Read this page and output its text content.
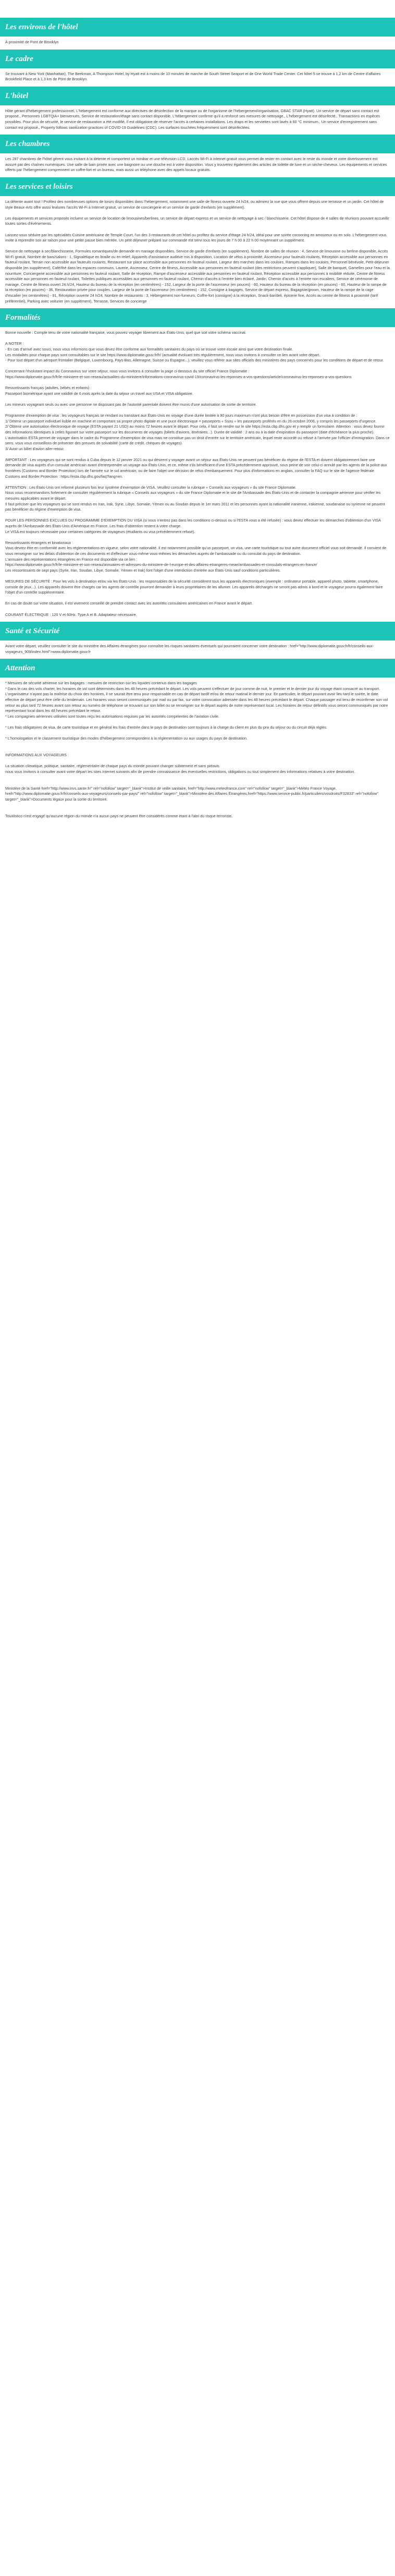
Les environs de l'hôtel
À proximité de Pont de Brooklyn
Le cadre
Se trouvant à New York (Manhattan), The Beekman, A Thompson Hotel, by Hyatt est à moins de 10 minutes de marche de South Street Seaport et de One World Trade Center. Cet hôtel 5 se trouve à 1,2 km de Centre d'affaires Brookfield Place et à 1,3 km de Pont de Brooklyn.
L'hôtel
Hôte gérant d'hébergement professionnel, L'hébergement est conforme aux directives de désinfection de la marque ou de l'organisme de l'hébergement/organisation, GBAC STAR (Hyatt). Un service de départ sans contact est proposé., Personnes LGBTQIA+ bienvenues, Service de restauration/étage sans contact disponible, L'hébergement confirme qu'il a renforcé ses mesures de nettoyage., L'hébergement est désinfecté., Transactions en espèces possibles. Pour plus de sécurité, le service de restauration a été modifié, il est obligatoire de réserver l'accès à certaines installations. Les draps et les serviettes sont lavés à 60 °C minimum., Un service d'enregistrement sans contact est proposé., Property follows sanitization practices of COVID-19 Guidelines (CDC). Les surfaces touchées fréquemment sont désinfectées.
Les chambres
Les 287 chambres de l'hôtel gèrent vous invitant à la détente et comportent un minibar et une télévision LCD. Laccès Wi-Fi à internet gratuit vous permet de rester en contact avec le reste du monde et votre divertissement est assuré par des chaînes numériques. Une salle de bain privée avec une baignoire ou une douche est à votre disposition. Vous y trouverez également des articles de toilette de luxe et un sèche-cheveux. Les équipements et services offerts par l'hébergement comprennent un coffre-fort et un bureau, mais aussi un téléphone avec des appels locaux gratuits.
Les services et loisirs
La détente avant tout ! Profitez des nombreuses options de loisirs disponibles dans l'hébergement, notamment une salle de fitness ouverte 24 h/24, ou admirez la vue que vous offrent depuis une terrasse et un jardin. Cet hôtel de style Beaux-Arts offre aussi features l'accès Wi-Fi à Internet gratuit, un service de conciergerie et un service de garde d'enfants (en supplément).

Les équipements et services proposés incluent un service de location de limousines/berlines, un service de départ express et un service de nettoyage à sec / blanchisserie. Cet hôtel dispose de 4 salles de réunions pouvant accueillir toutes sortes d'événements.

Laissez-vous séduire par les spécialités Cuisine américaine de Temple Court, l'un des 3 restaurants de cet hôtel ou profitez du service d'étage 24 h/24, idéal pour une soirée cocooning en amoureux ou en solo. L'hébergement vous invite à reprendre son air raison pour une petite pause bien méritée. Un petit déjeuner préparé sur commande est servi tous les jours de 7 h 00 à 22 h 00 moyennant un supplément.

Service de nettoyage à sec/blanchisserie, Formules romantiques/de demande en mariage disponibles, Service de garde d'enfants (en supplément). Nombre de salles de réunion : 4, Service de limousine ou berline disponible, Accès Wi-Fi gratuit, Nombre de bars/salons : 1, Signalétique en braille ou en relief, Appareils d'assistance auditive mis à disposition, Location de vélos à proximité, Ascenseur pour fauteuils roulants, Réception accessible aux personnes en fauteuil roulant, Terrain non accessible aux fauteuils roulants, Restaurant sur place accessible aux personnes en fauteuil roulant, Largeur des marches dans les couloirs, Rampes dans les couloirs, Personnel bénévole, Petit-déjeuner disponible (en supplément), Café/thé dans les espaces communs, Laverie, Ascenseur, Centre de fitness, Accessible aux personnes en fauteuil roulant (des restrictions peuvent s'appliquer), Salle de banquet, Gamelles pour l'eau et la nourriture, Conciergerie accessible aux personnes en fauteuil roulant, Salle de réception, Rampe d'ascenseur accessible aux personnes en fauteuil roulant, Réception accessible aux personnes à mobilité réduite, Centre de fitness accessible aux personnes en fauteuil roulant, Toilettes publiques accessibles aux personnes en fauteuil roulant, Chemin d'accès à l'entrée bien éclairé, Jardin, Chemin d'accès à l'entrée non escaliers, Service de cérémonie de mariage, Centre de fitness ouvert 24 h/24, Hauteur du bureau de la réception (en centimètres) - 152, Largeur de la porte de l'ascenseur (en pouces) - 60, Hauteur du bureau de la réception (en pouces) - 60, Hauteur de la rampe de la réception (en pouces) - 36, Restauration privée pour couples, Largeur de la porte de l'ascenseur (en centimètres) - 152, Consigne à bagages, Service de départ express, Bagagiste/groom, Hauteur de la rampe de la cage d'escalier (en centimètres) - 91, Réception ouverte 24 h/24, Nombre de restaurants : 3, Hébergement non-fumeurs, Coffre-fort (consigne) à la réception, Snack-bar/deli, épicerie fine, Accès au centre de fitness à proximité (tarif préférentiel), Parking avec voiturier (en supplément), Terrasse, Services de concierge
Formalités
Bonne nouvelle : Compte tenu de votre nationalité française, vous pouvez voyager librement aux États-Unis, quel que soit votre schéma vaccinal.

A NOTER :
- En cas d'arrivé avec souci, nous vous informons que vous devez être conforme aux formalités sanitaires du pays où se trouve votre escale ainsi que votre destination finale.
Les modalités pour chaque pays sont consultables sur le site https://www.diplomatie.gouv.fr/fr/ (actualité évoluant très régulièrement, nous vous invitons à consulter ce lien avant votre départ.
- Pour tout départ d'un aéroport frontalier (Belgique, Luxembourg, Pays-Bas, Allemagne, Suisse ou Espagne...), veuillez vous référer aux sites officiels des ministères des pays concernés pour les conditions de départ et de retour.

Concernant l'évolutant impact du Coronavirus sur votre séjour, nous vous invitons à consulter la page ci-dessous du site officiel France Diplomatie :
https://www.diplomatie.gouv.fr/fr/le-ministere-et-son-reseau/actualites-du-ministere/informations-coronavirus-covid-19/coronavirus-les-reponses-a-vos-questions/article/coronavirus-les-reponses-a-vos-questions

Ressortissants français (adultes, bébés et enfants) :
Passeport biométrique ayant une validité de 6 mois après la date du séjour un travel aux USA et VISA obligatoire.

Les mineurs voyageant seuls ou avec une personne ne disposant pas de l'autorité parentale doivent être munis d'une autorisation de sortie de territoire.

Programme d'exemption de visa : les voyageurs français se rendant ou transitant aux États-Unis en voyage d'une durée limitée à 90 jours maximum n'ont plus besoin d'être en possession d'un visa à condition de :
1/ Détenir un passeport individuel lisible en machine et comportant sa propre photo digitale et une puce électronique = passeports « Ssou » les passeports proférés en du 26 octobre 2006, y compris les passeports d'urgence.
2/ Obtenir une autorisation électronique de voyage (ESTA payant 21 USD) au moins 72 heures avant le départ. Pour cela, il faut se rendre sur le site https://esta.cbp.dhs.gov et y remplir un formulaire. Attention : vous devez fournir des informations identiques à celles figurant sur votre passeport sur les documents de voyages (billets d'avions, itinéraires...). Durée de validité : 2 ans ou à la date d'expiration du passeport (date d'échéance la plus proche).
L'autorisation ESTA permet de voyager dans le cadre du Programme d'exemption de visa mais ne constitue pas un droit d'entrée sur le territoire américain, lequel reste accordé ou refusé à l'arrivée par l'officier d'immigration. Dans ce sens, vous vous conseillons de présenter des preuves de solvabilité (carte de crédit, chèques de voyages).
3/ Avoir un billet d'avion aller-retour.

IMPORTANT : Les voyageurs qui se sont rendus à Cuba depuis le 12 janvier 2021 ou qui désirent y voyager avant un séjour aux États-Unis ne peuvent pas bénéficier du régime de l'ESTA et doivent obligatoirement faire une demande de visa auprès d'un consulat américain avant d'entreprendre un voyage aux États-Unis, et ce, même s'ils bénéficient d'une ESTA précédemment approuvé, sous peine de voir celui-ci annulé par les agents de la police aux frontières (Customs and Border Protection) lors de l'arrivée sur le sol américain, ou de faire l'objet une décision de refus d'embarquement. Pour plus d'informations en anglais, consulter la FAQ sur le site de l'agence fédérale Customs and Border Protection : https://esta.cbp.dhs.gov/faq?lang=en.

ATTENTION : Les États-Unis ont reformé plusieurs fois leur système d'exemption de VISA. Veuillez consulter la rubrique « Conseils aux voyageurs » du site France Diplomatie.
Nous vous recommandons fortement de consulter régulièrement la rubrique « Conseils aux voyageurs » du site France Diplomatie et le site de l'Ambassade des États-Unis et de contacter la compagnie aérienne pour vérifier les mesures applicables avant le départ.
Il faut préciser que les voyageurs qui se sont rendus en Iran, Irak, Syrie, Libye, Somalie, Yémen ou au Soudan depuis le 1er mars 2011 et les personnes ayant la nationalité iranienne, irakienne, soudanaise ou syrienne ne peuvent pas bénéficier du régime d'exemption de visa.

POUR LES PERSONNES EXCLUES DU PROGRAMME D'EXEMPTION DU VISA (si vous n'entrez pas dans les conditions ci-dessus ou si l'ESTA vous a été refusée) : vous devez effectuer les démarches d'obtention d'un VISA auprès de l'Ambassade des États-Unis d'Amérique en France. Les frais d'obtention restent à votre charge.
Le VISA est toujours nécessaire pour certaines catégories de voyageurs (étudiants ou visa précédemment refusé).

Ressortissants étrangers et binationaux :
Vous devrez être en conformité avec les réglementations en vigueur, selon votre nationalité. Il est notamment possible qu'un passeport, un visa, une carte touristique ou tout autre document officiel vous soit demandé. Il convient de vous renseigner sur les délais d'obtention de ces documents et d'effectuer vous-même vous-mêmes les démarches auprès de l'ambassade ou du consulat du pays de destination.
L'annuaire des représentations étrangères en France est disponible via ce lien :
https://www.diplomatie.gouv.fr/fr/le-ministere-et-son-reseau/annuaires-et-adresses-du-ministere-de-l-europe-et-des-affaires-etrangeres-meae/ambassades-et-consulats-etrangers-en-france/
Les ressortissants de sept pays (Syrie, Iran, Soudan, Libye, Somalie, Yémen et Irak) font l'objet d'une interdiction d'entrée aux États-Unis sauf conditions particulières.

MESURES DE SÉCURITÉ : Pour les vols à destination et/ou via les États-Unis : les responsables de la sécurité considèrent tous les appareils électroniques (exemple : ordinateur portable, appareil photo, tablette, smartphone, console de jeux...). Les appareils doivent être chargés car les agents de contrôle pourront demander à leurs propriétaires de les allumer. Les appareils déchargés ne seront pas admis à bord et le voyageur pourra également faire l'objet d'un contrôle supplémentaire.

En cas de doute sur votre situation, il est vivement conseillé de prendre contact avec les autorités consulaires américaines en France avant le départ.

COURANT ÉLECTRIQUE : 120 V et 60Hz. Type A et B. Adaptateur nécessaire.
Santé et Sécurité
Avant votre départ, veuillez consulter le site du ministère des Affaires étrangères pour connaître les risques sanitaires éventuels qui pourraient concerner votre destination : href="http://www.diplomatie.gouv.fr/fr/conseils-aux-voyageurs_909/index.html">www.diplomatie.gouv.fr
Attention
* Mesures de sécurité aérienne sur les bagages : mesures de restriction sur les liquides contenus dans les bagages
* Dans le cas des vols charter, les horaires de vol sont déterminés dans les 48 heures précédant le départ. Les vols peuvent s'effectuer de jour comme de nuit, le premier et le dernier jour du voyage étant consacré au transport. L'organisateur n'ayant pas la maîtrise du choix des horaires, il ne saurait être tenu pour responsable en cas de départ tardif et/ou de retour matinal le dernier jour. En particulier, le départ pouvant avoir lieu tard le soirée, le date effective de départ peut être celle du lendemain. Les horaires vous seront communiqués par mail ou par fax, sur votre convocation adressée dans les 48 heures précédant le départ. Chaque passager est tenu de reconfirmer son vol retour au plus tard 72 heures avant son retour au numéro de téléphone se trouvant sur son billet ou se renseigner sur le départ auprès de notre représentant local. Les horaires de retour définitifs vous seront communiqués par notre représentant local dans les 48 heures précédant le retour.
* Les compagnies aériennes utilisées sont toutes reçu les autorisations requises par les autorités compétentes de l'aviation civile.

* Les frais obligatoires de visa, de carte touristique et en général les frais d'entrée dans le pays de destination sont toujours à la charge du client en plus du prix du séjour ou du circuit déjà réglés.

* L'homologation et le classement touristique des modes d'hébergement correspondent à la réglementation ou aux usages du pays de destination.

INFORMATIONS AUX VOYAGEURS :

La situation climatique, politique, sanitaire, réglementaire de chaque pays du monde pouvant changer subitement et sans préavis
nous vous invitons à consulter avant votre départ les sites Internet suivants afin de prendre connaissance des éventuelles restrictions, obligations ou tout simplement des informations relatives à votre destination.

Ministère de la Santé href="http://www.invs.sante.fr/" rel="nofollow" target="_blank">Institut de veille sanitaire, href="http://www.meteofrance.com" rel="nofollow" target="_blank">Météo France Voyage, href="http://www.diplomatie.gouv.fr/fr/conseils-aux-voyageurs/conseils-par-pays/" rel="nofollow" target="_blank">Ministère des Affaires Étrangères,href="https://www.service-public.fr/particuliers/vosdroits/F32833" rel="nofollow" target="_blank">Documents légaux pour la sortie du territoire.

Touxlistico n'est engagé qu'aucune région du monde n'a aucun pays ne peuvent être considérés comme étant à l'abri du risque terroriste.
